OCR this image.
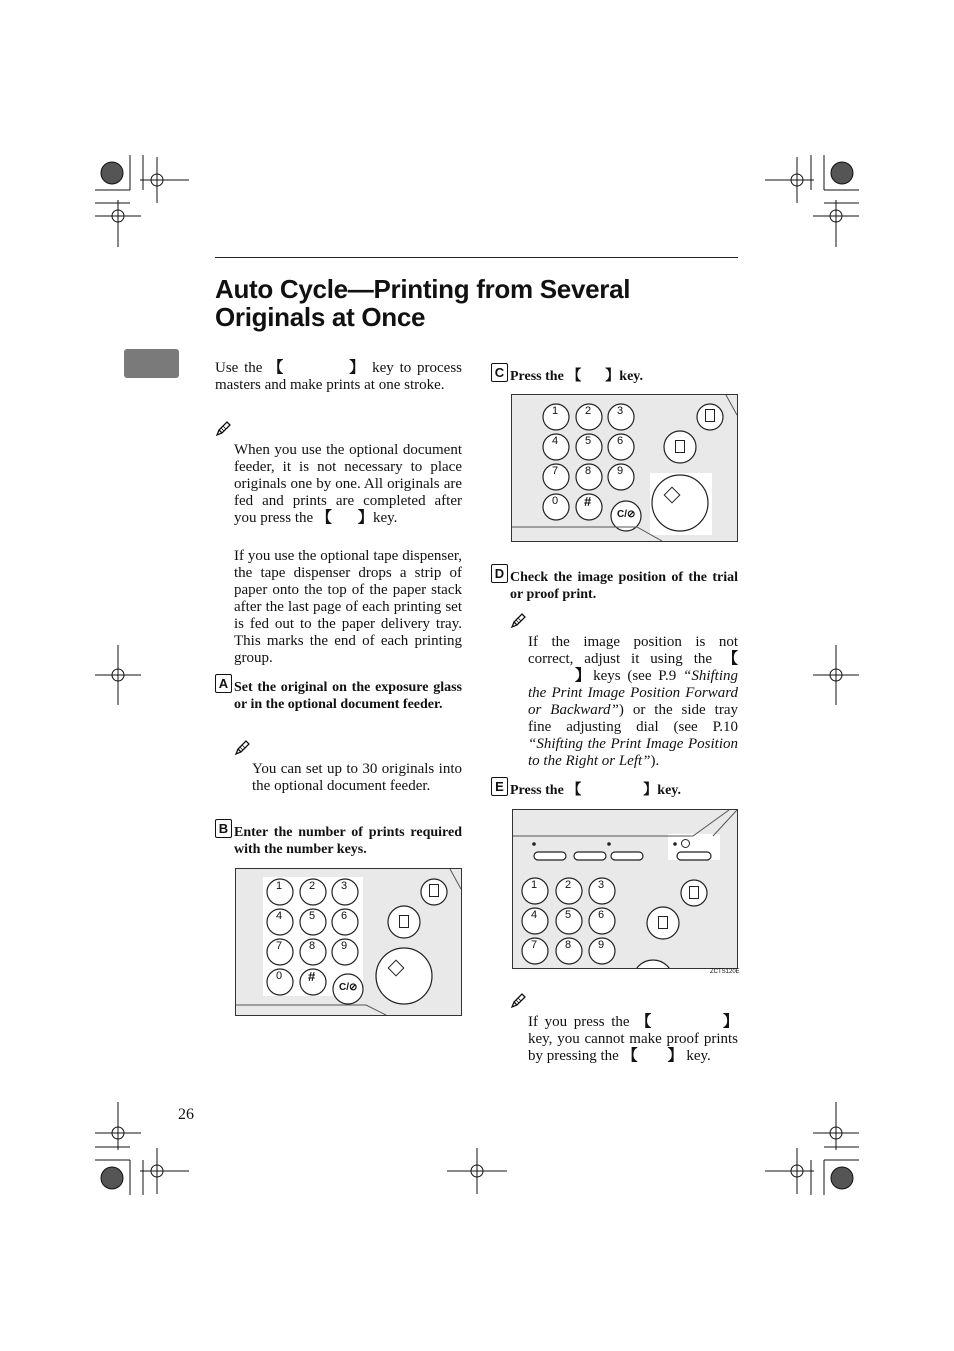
Auto Cycle—Printing from Several
Originals at Once
Use the 【	】 key to process masters and make prints at one stroke.
When you use the optional document feeder, it is not necessary to place originals one by one. All originals are fed and prints are completed after you press the 【 】key.
If you use the optional tape dispenser, the tape dispenser drops a strip of paper onto the top of the paper stack after the last page of each printing set is fed out to the paper delivery tray. This marks the end of each printing group.
A Set the original on the exposure glass or in the optional document feeder.
You can set up to 30 originals into the optional document feeder.
B Enter the number of prints required with the number keys.
1 2 3
4 5 6
7 8 9
0 #
C/⊘
C Press the 【 】key.
1 2 3
4 5 6
7 8 9
0 #
C/⊘
D Check the image position of the trial or proof print.
If the image position is not correct, adjust it using the 【】keys (see P.9 “Shifting the Print Image Position Forward or Backward”) or the side tray fine adjusting dial (see P.10 “Shifting the Print Image Position to the Right or Left”).
E Press the 【	】key.
1	2 3
4	5 6
7	8 9
ZCTS120E
If you press the 【	】 key, you cannot make proof prints by pressing the 【 】 key.
26
